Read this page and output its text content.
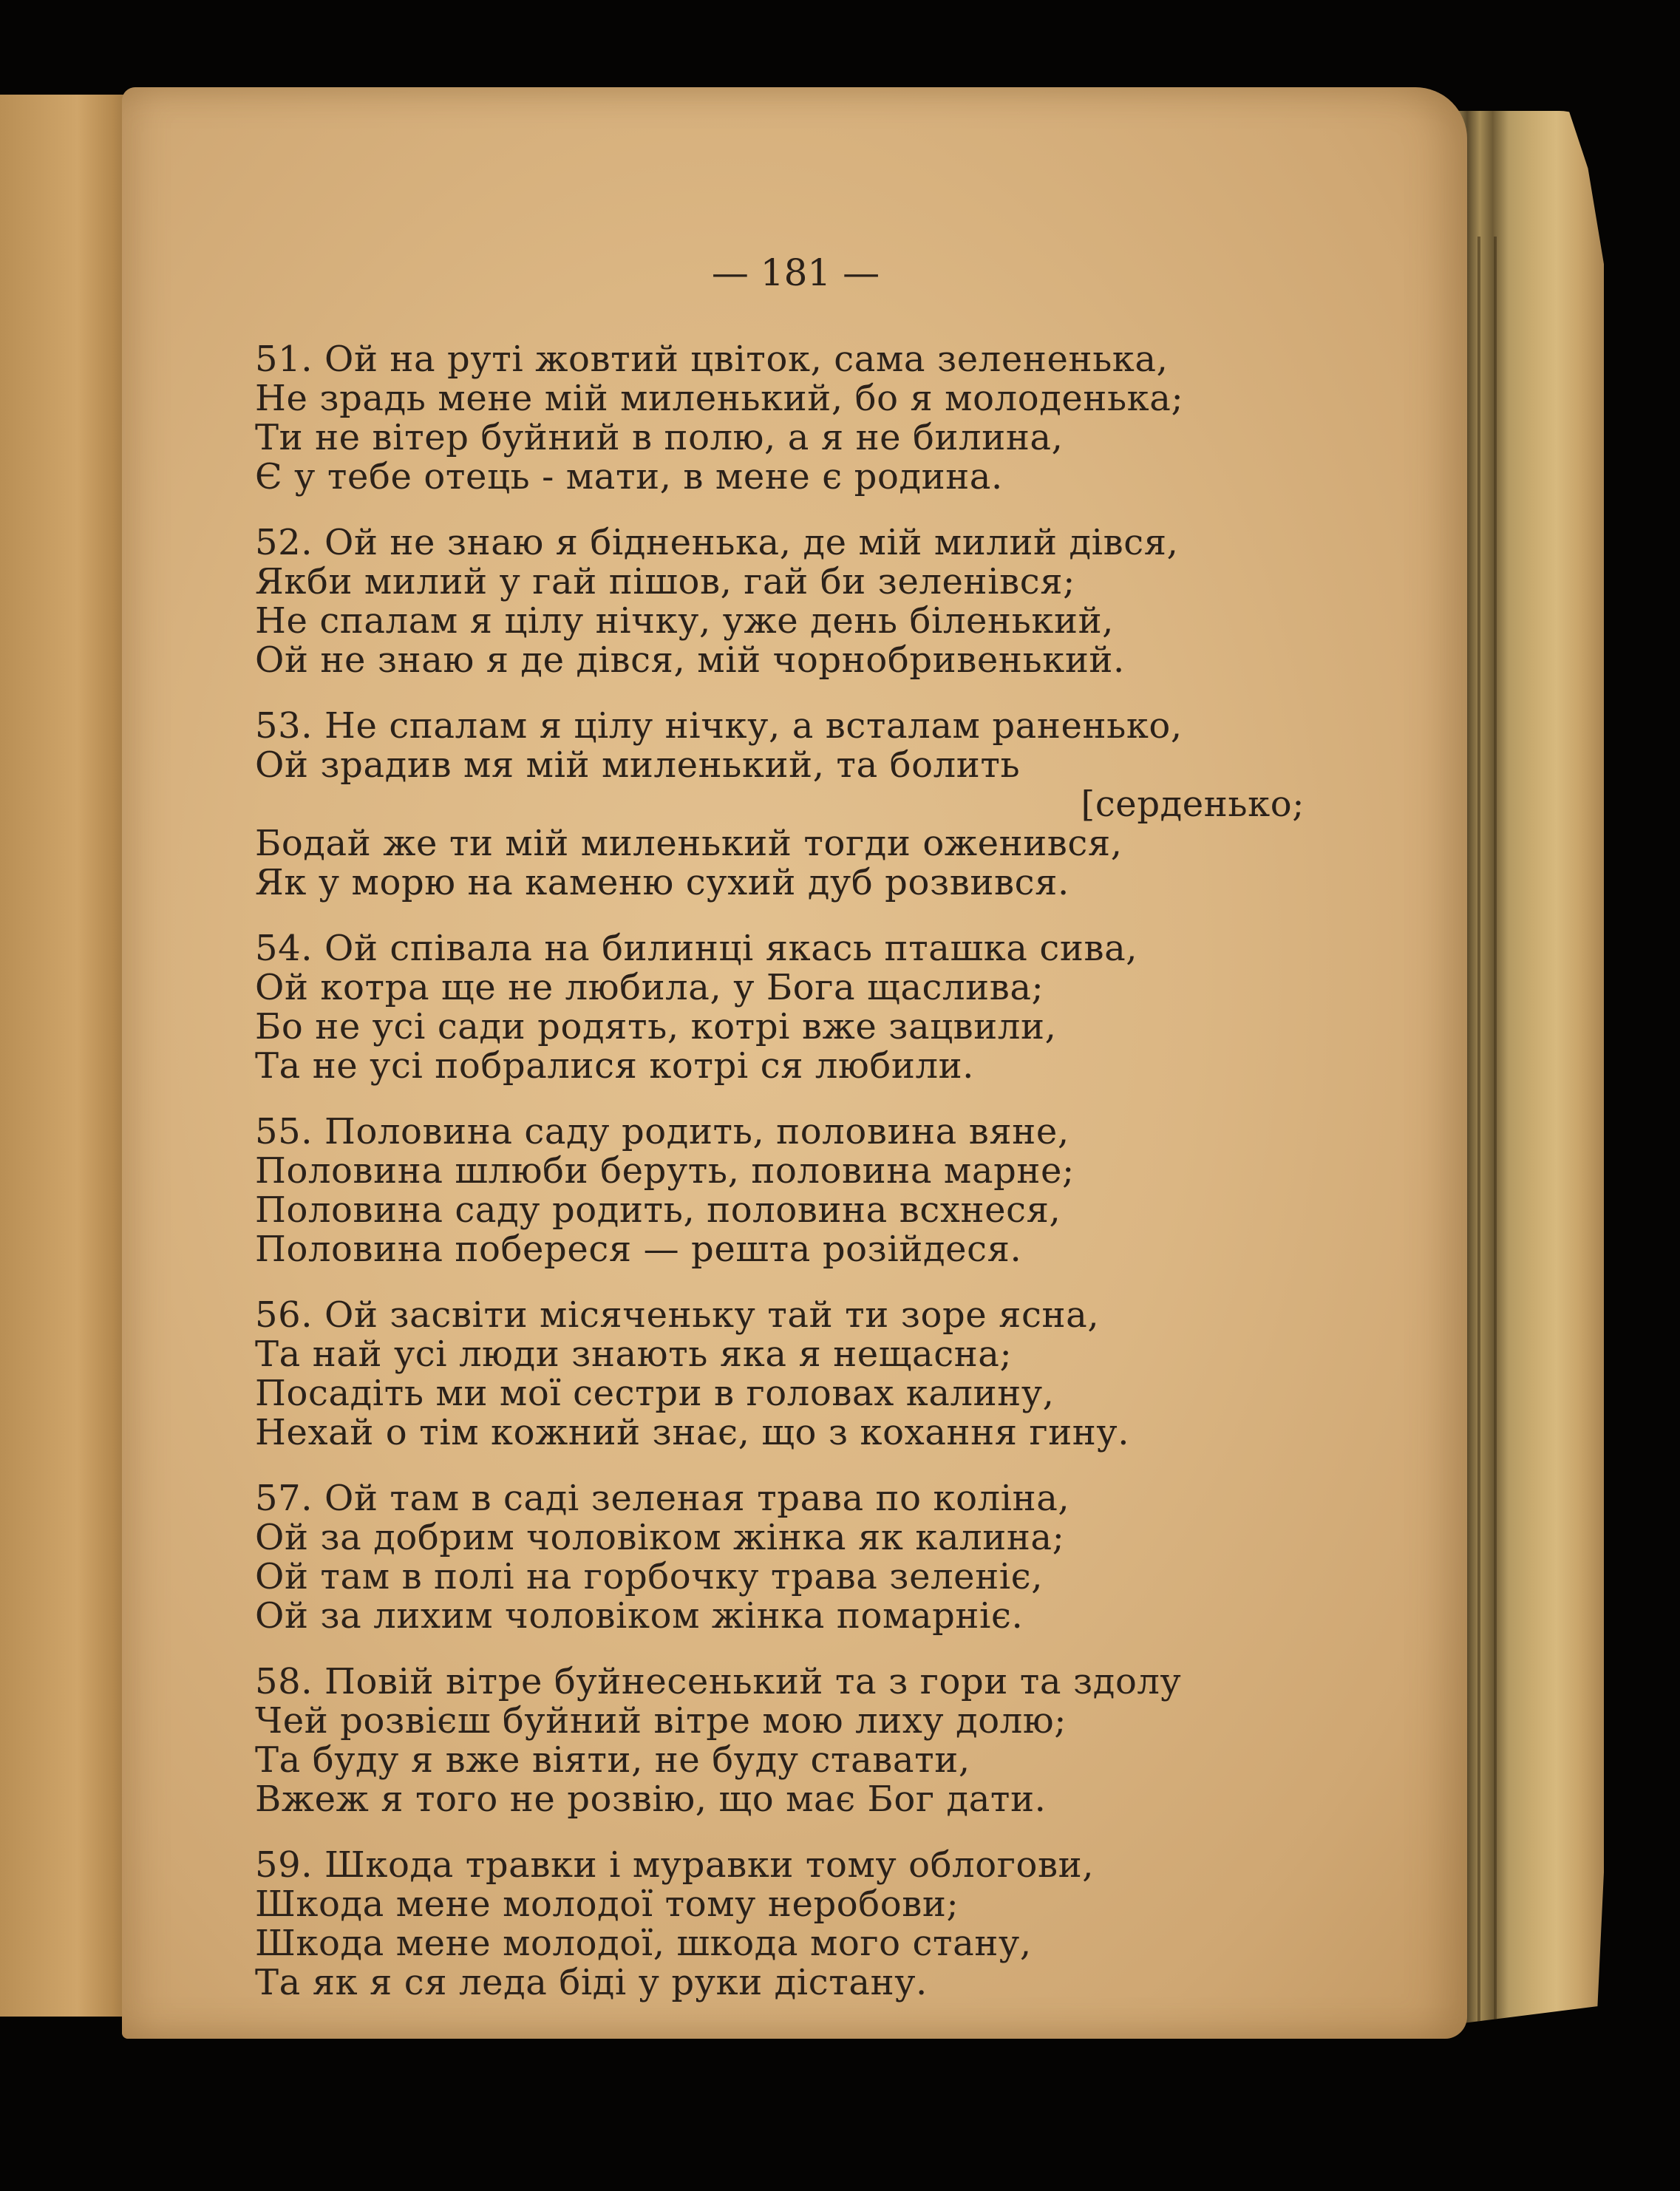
— 181 —
51. Ой на руті жовтий цвіток, сама зелененька,
Не зрадь мене мій миленький, бо я молоденька;
Ти не вітер буйний в полю, а я не билина,
Є у тебе отець - мати, в мене є родина.
52. Ой не знаю я бідненька, де мій милий дівся,
Якби милий у гай пішов, гай би зеленівся;
Не спалам я цілу нічку, уже день біленький,
Ой не знаю я де дівся, мій чорнобривенький.
53. Не спалам я цілу нічку, а всталам раненько,
Ой зрадив мя мій миленький, та болить
[серденько;
Бодай же ти мій миленький тогди оженився,
Як у морю на каменю сухий дуб розвився.
54. Ой співала на билинці якась пташка сива,
Ой котра ще не любила, у Бога щаслива;
Бо не усі сади родять, котрі вже зацвили,
Та не усі побралися котрі ся любили.
55. Половина саду родить, половина вяне,
Половина шлюби беруть, половина марне;
Половина саду родить, половина всхнеся,
Половина побереся — решта розійдеся.
56. Ой засвіти місяченьку тай ти зоре ясна,
Та най усі люди знають яка я нещасна;
Посадіть ми мої сестри в головах калину,
Нехай о тім кожний знає, що з кохання гину.
57. Ой там в саді зеленая трава по коліна,
Ой за добрим чоловіком жінка як калина;
Ой там в полі на горбочку трава зеленіє,
Ой за лихим чоловіком жінка помарніє.
58. Повій вітре буйнесенький та з гори та здолу
Чей розвієш буйний вітре мою лиху долю;
Та буду я вже віяти, не буду ставати,
Вжеж я того не розвію, що має Бог дати.
59. Шкода травки і муравки тому облогови,
Шкода мене молодої тому неробови;
Шкода мене молодої, шкода мого стану,
Та як я ся леда біді у руки дістану.
